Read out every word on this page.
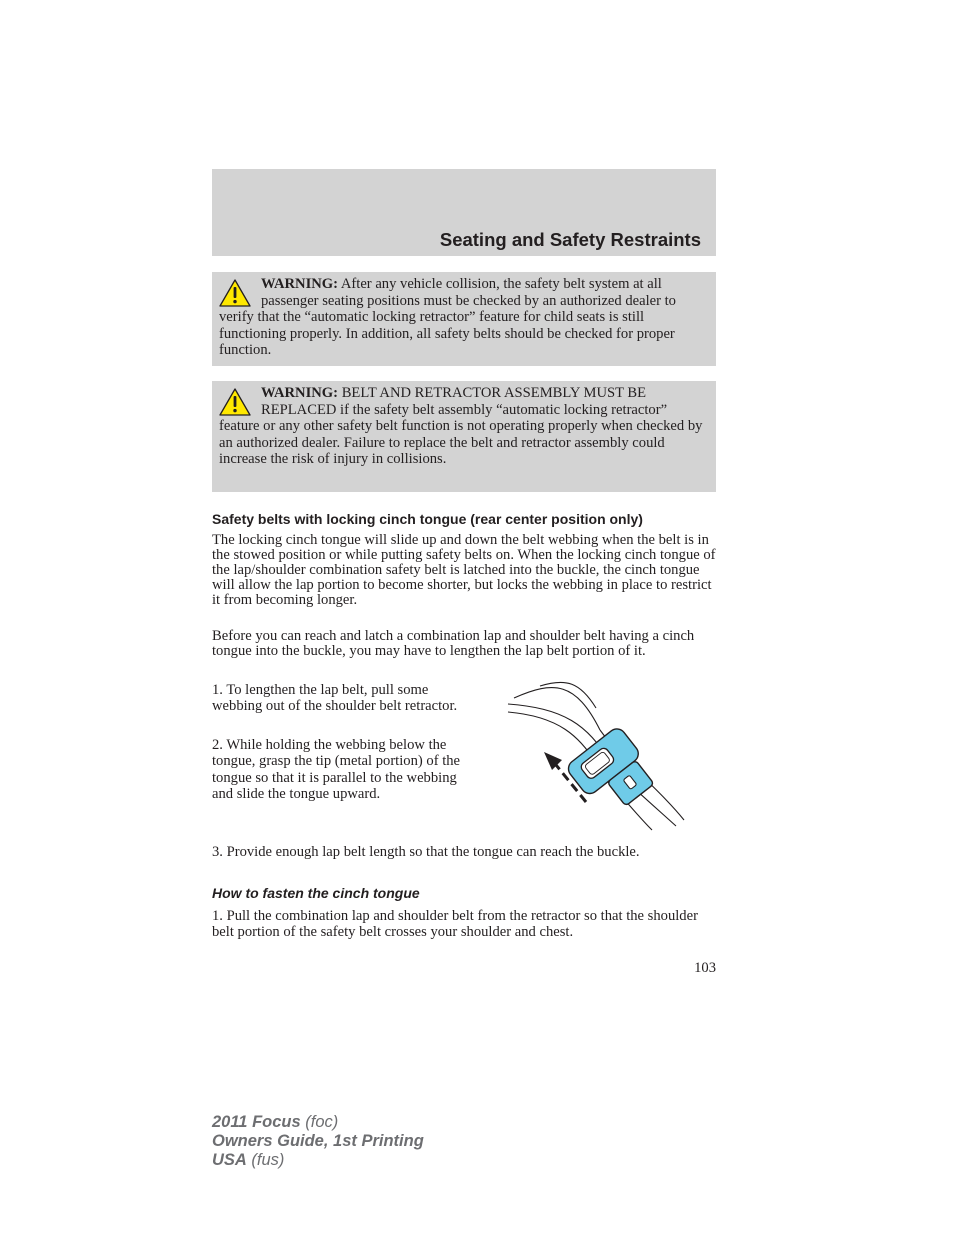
Seating and Safety Restraints
WARNING: After any vehicle collision, the safety belt system at all passenger seating positions must be checked by an authorized dealer to verify that the “automatic locking retractor” feature for child seats is still functioning properly. In addition, all safety belts should be checked for proper function.
WARNING: BELT AND RETRACTOR ASSEMBLY MUST BE REPLACED if the safety belt assembly “automatic locking retractor” feature or any other safety belt function is not operating properly when checked by an authorized dealer. Failure to replace the belt and retractor assembly could increase the risk of injury in collisions.
Safety belts with locking cinch tongue (rear center position only)

The locking cinch tongue will slide up and down the belt webbing when the belt is in the stowed position or while putting safety belts on. When the locking cinch tongue of the lap/shoulder combination safety belt is latched into the buckle, the cinch tongue will allow the lap portion to become shorter, but locks the webbing in place to restrict it from becoming longer.

Before you can reach and latch a combination lap and shoulder belt having a cinch tongue into the buckle, you may have to lengthen the lap belt portion of it.

1. To lengthen the lap belt, pull some webbing out of the shoulder belt retractor.

2. While holding the webbing below the tongue, grasp the tip (metal portion) of the tongue so that it is parallel to the webbing and slide the tongue upward.

3. Provide enough lap belt length so that the tongue can reach the buckle.

How to fasten the cinch tongue

1. Pull the combination lap and shoulder belt from the retractor so that the shoulder belt portion of the safety belt crosses your shoulder and chest.

103
2011 Focus (foc)
Owners Guide, 1st Printing
USA (fus)
